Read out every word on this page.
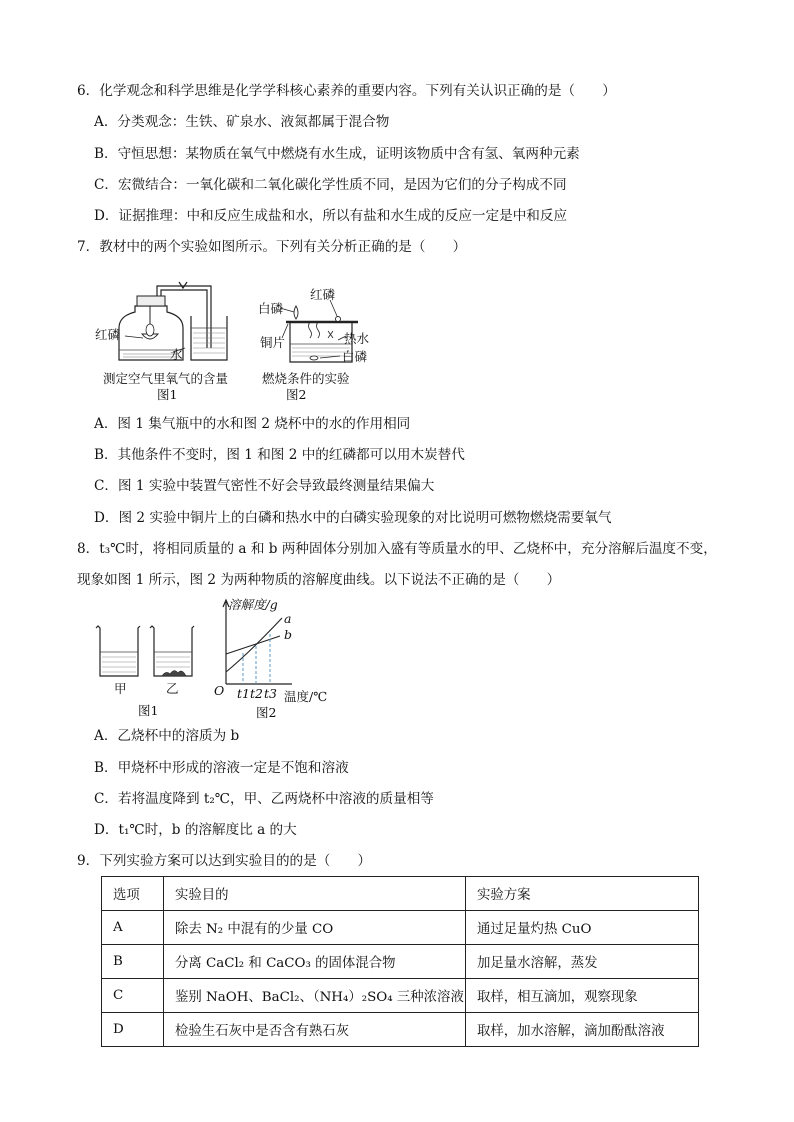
6．化学观念和科学思维是化学学科核心素养的重要内容。下列有关认识正确的是（　　）
A．分类观念：生铁、矿泉水、液氮都属于混合物
B．守恒思想：某物质在氧气中燃烧有水生成，证明该物质中含有氢、氧两种元素
C．宏微结合：一氧化碳和二氧化碳化学性质不同，是因为它们的分子构成不同
D．证据推理：中和反应生成盐和水，所以有盐和水生成的反应一定是中和反应
7．教材中的两个实验如图所示。下列有关分析正确的是（　　）
红磷
水
测定空气里氧气的含量
图1
红磷
白磷
铜片	热水
白磷
燃烧条件的实验
图2
A．图 1 集气瓶中的水和图 2 烧杯中的水的作用相同
B．其他条件不变时，图 1 和图 2 中的红磷都可以用木炭替代
C．图 1 实验中装置气密性不好会导致最终测量结果偏大
D．图 2 实验中铜片上的白磷和热水中的白磷实验现象的对比说明可燃物燃烧需要氧气
8．t₃℃时，将相同质量的 a 和 b 两种固体分别加入盛有等质量水的甲、乙烧杯中，充分溶解后温度不变，
现象如图 1 所示，图 2 为两种物质的溶解度曲线。以下说法不正确的是（　　）
甲	乙
图1
溶解度/g
a
b
O t1 t2 t3 温度/℃
图2
A．乙烧杯中的溶质为 b
B．甲烧杯中形成的溶液一定是不饱和溶液
C．若将温度降到 t₂℃，甲、乙两烧杯中溶液的质量相等
D．t₁℃时，b 的溶解度比 a 的大
9．下列实验方案可以达到实验目的的是（　　）
选项	实验目的	实验方案
A	除去 N₂ 中混有的少量 CO	通过足量灼热 CuO
B	分离 CaCl₂ 和 CaCO₃ 的固体混合物	加足量水溶解，蒸发
C	鉴别 NaOH、BaCl₂、（NH₄）₂SO₄ 三种浓溶液	取样，相互滴加，观察现象
D	检验生石灰中是否含有熟石灰	取样，加水溶解，滴加酚酞溶液
